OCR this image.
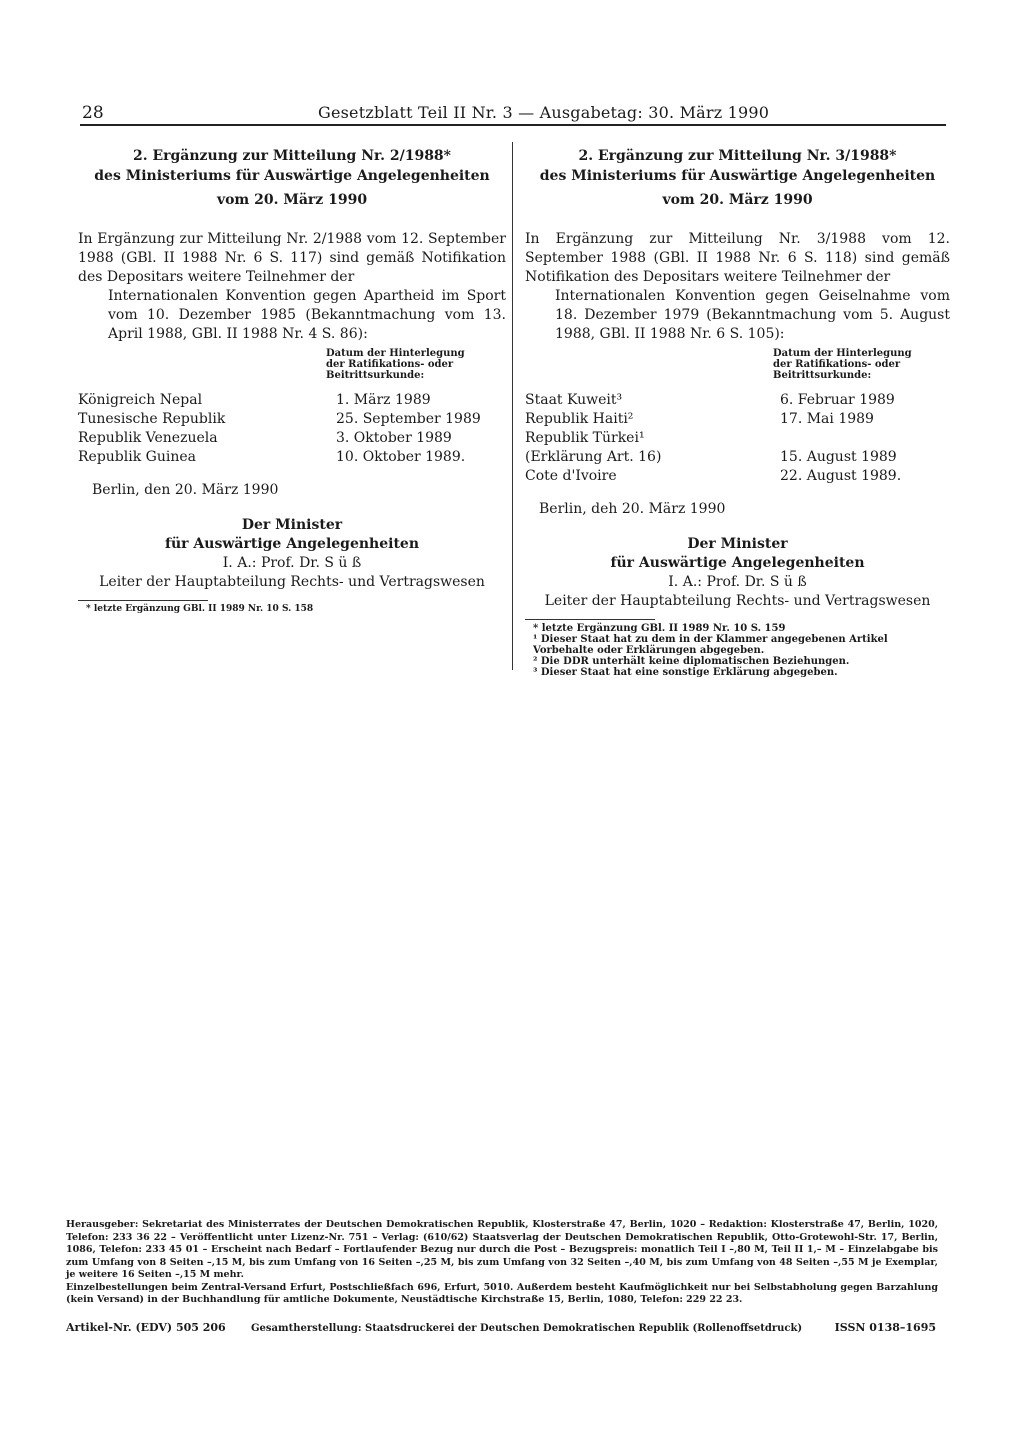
28	Gesetzblatt Teil II Nr. 3 — Ausgabetag: 30. März 1990
2. Ergänzung zur Mitteilung Nr. 2/1988*
des Ministeriums für Auswärtige Angelegenheiten
vom 20. März 1990
In Ergänzung zur Mitteilung Nr. 2/1988 vom 12. September 1988 (GBl. II 1988 Nr. 6 S. 117) sind gemäß Notifikation des Depositars weitere Teilnehmer der
Internationalen Konvention gegen Apartheid im Sport vom 10. Dezember 1985 (Bekanntmachung vom 13. April 1988, GBl. II 1988 Nr. 4 S. 86):
Datum der Hinterlegung
der Ratifikations- oder
Beitrittsurkunde:
Königreich Nepal	1. März 1989
Tunesische Republik	25. September 1989
Republik Venezuela	3. Oktober 1989
Republik Guinea	10. Oktober 1989.
Berlin, den 20. März 1990
Der Minister
für Auswärtige Angelegenheiten
I. A.: Prof. Dr. S ü ß
Leiter der Hauptabteilung Rechts- und Vertragswesen
* letzte Ergänzung GBl. II 1989 Nr. 10 S. 158
2. Ergänzung zur Mitteilung Nr. 3/1988*
des Ministeriums für Auswärtige Angelegenheiten
vom 20. März 1990
In Ergänzung zur Mitteilung Nr. 3/1988 vom 12. September 1988 (GBl. II 1988 Nr. 6 S. 118) sind gemäß Notifikation des Depositars weitere Teilnehmer der
Internationalen Konvention gegen Geiselnahme vom 18. Dezember 1979 (Bekanntmachung vom 5. August 1988, GBl. II 1988 Nr. 6 S. 105):
Datum der Hinterlegung
der Ratifikations- oder
Beitrittsurkunde:
Staat Kuweit³	6. Februar 1989
Republik Haiti²	17. Mai 1989
Republik Türkei¹	
(Erklärung Art. 16)	15. August 1989
Cote d'Ivoire	22. August 1989.
Berlin, deh 20. März 1990
Der Minister
für Auswärtige Angelegenheiten
I. A.: Prof. Dr. S ü ß
Leiter der Hauptabteilung Rechts- und Vertragswesen
* letzte Ergänzung GBl. II 1989 Nr. 10 S. 159
¹ Dieser Staat hat zu dem in der Klammer angegebenen Artikel Vorbehalte oder Erklärungen abgegeben.
² Die DDR unterhält keine diplomatischen Beziehungen.
³ Dieser Staat hat eine sonstige Erklärung abgegeben.
Herausgeber: Sekretariat des Ministerrates der Deutschen Demokratischen Republik, Klosterstraße 47, Berlin, 1020 – Redaktion: Klosterstraße 47, Berlin, 1020, Telefon: 233 36 22 – Veröffentlicht unter Lizenz-Nr. 751 – Verlag: (610/62) Staatsverlag der Deutschen Demokratischen Republik, Otto-Grotewohl-Str. 17, Berlin, 1086, Telefon: 233 45 01 – Erscheint nach Bedarf – Fortlaufender Bezug nur durch die Post – Bezugspreis: monatlich Teil I –,80 M, Teil II 1,– M – Einzelabgabe bis zum Umfang von 8 Seiten –,15 M, bis zum Umfang von 16 Seiten –,25 M, bis zum Umfang von 32 Seiten –,40 M, bis zum Umfang von 48 Seiten –,55 M je Exemplar, je weitere 16 Seiten –,15 M mehr.
Einzelbestellungen beim Zentral-Versand Erfurt, Postschließfach 696, Erfurt, 5010. Außerdem besteht Kaufmöglichkeit nur bei Selbstabholung gegen Barzahlung (kein Versand) in der Buchhandlung für amtliche Dokumente, Neustädtische Kirchstraße 15, Berlin, 1080, Telefon: 229 22 23.
Artikel-Nr. (EDV) 505 206	Gesamtherstellung: Staatsdruckerei der Deutschen Demokratischen Republik (Rollenoffsetdruck)	ISSN 0138–1695
